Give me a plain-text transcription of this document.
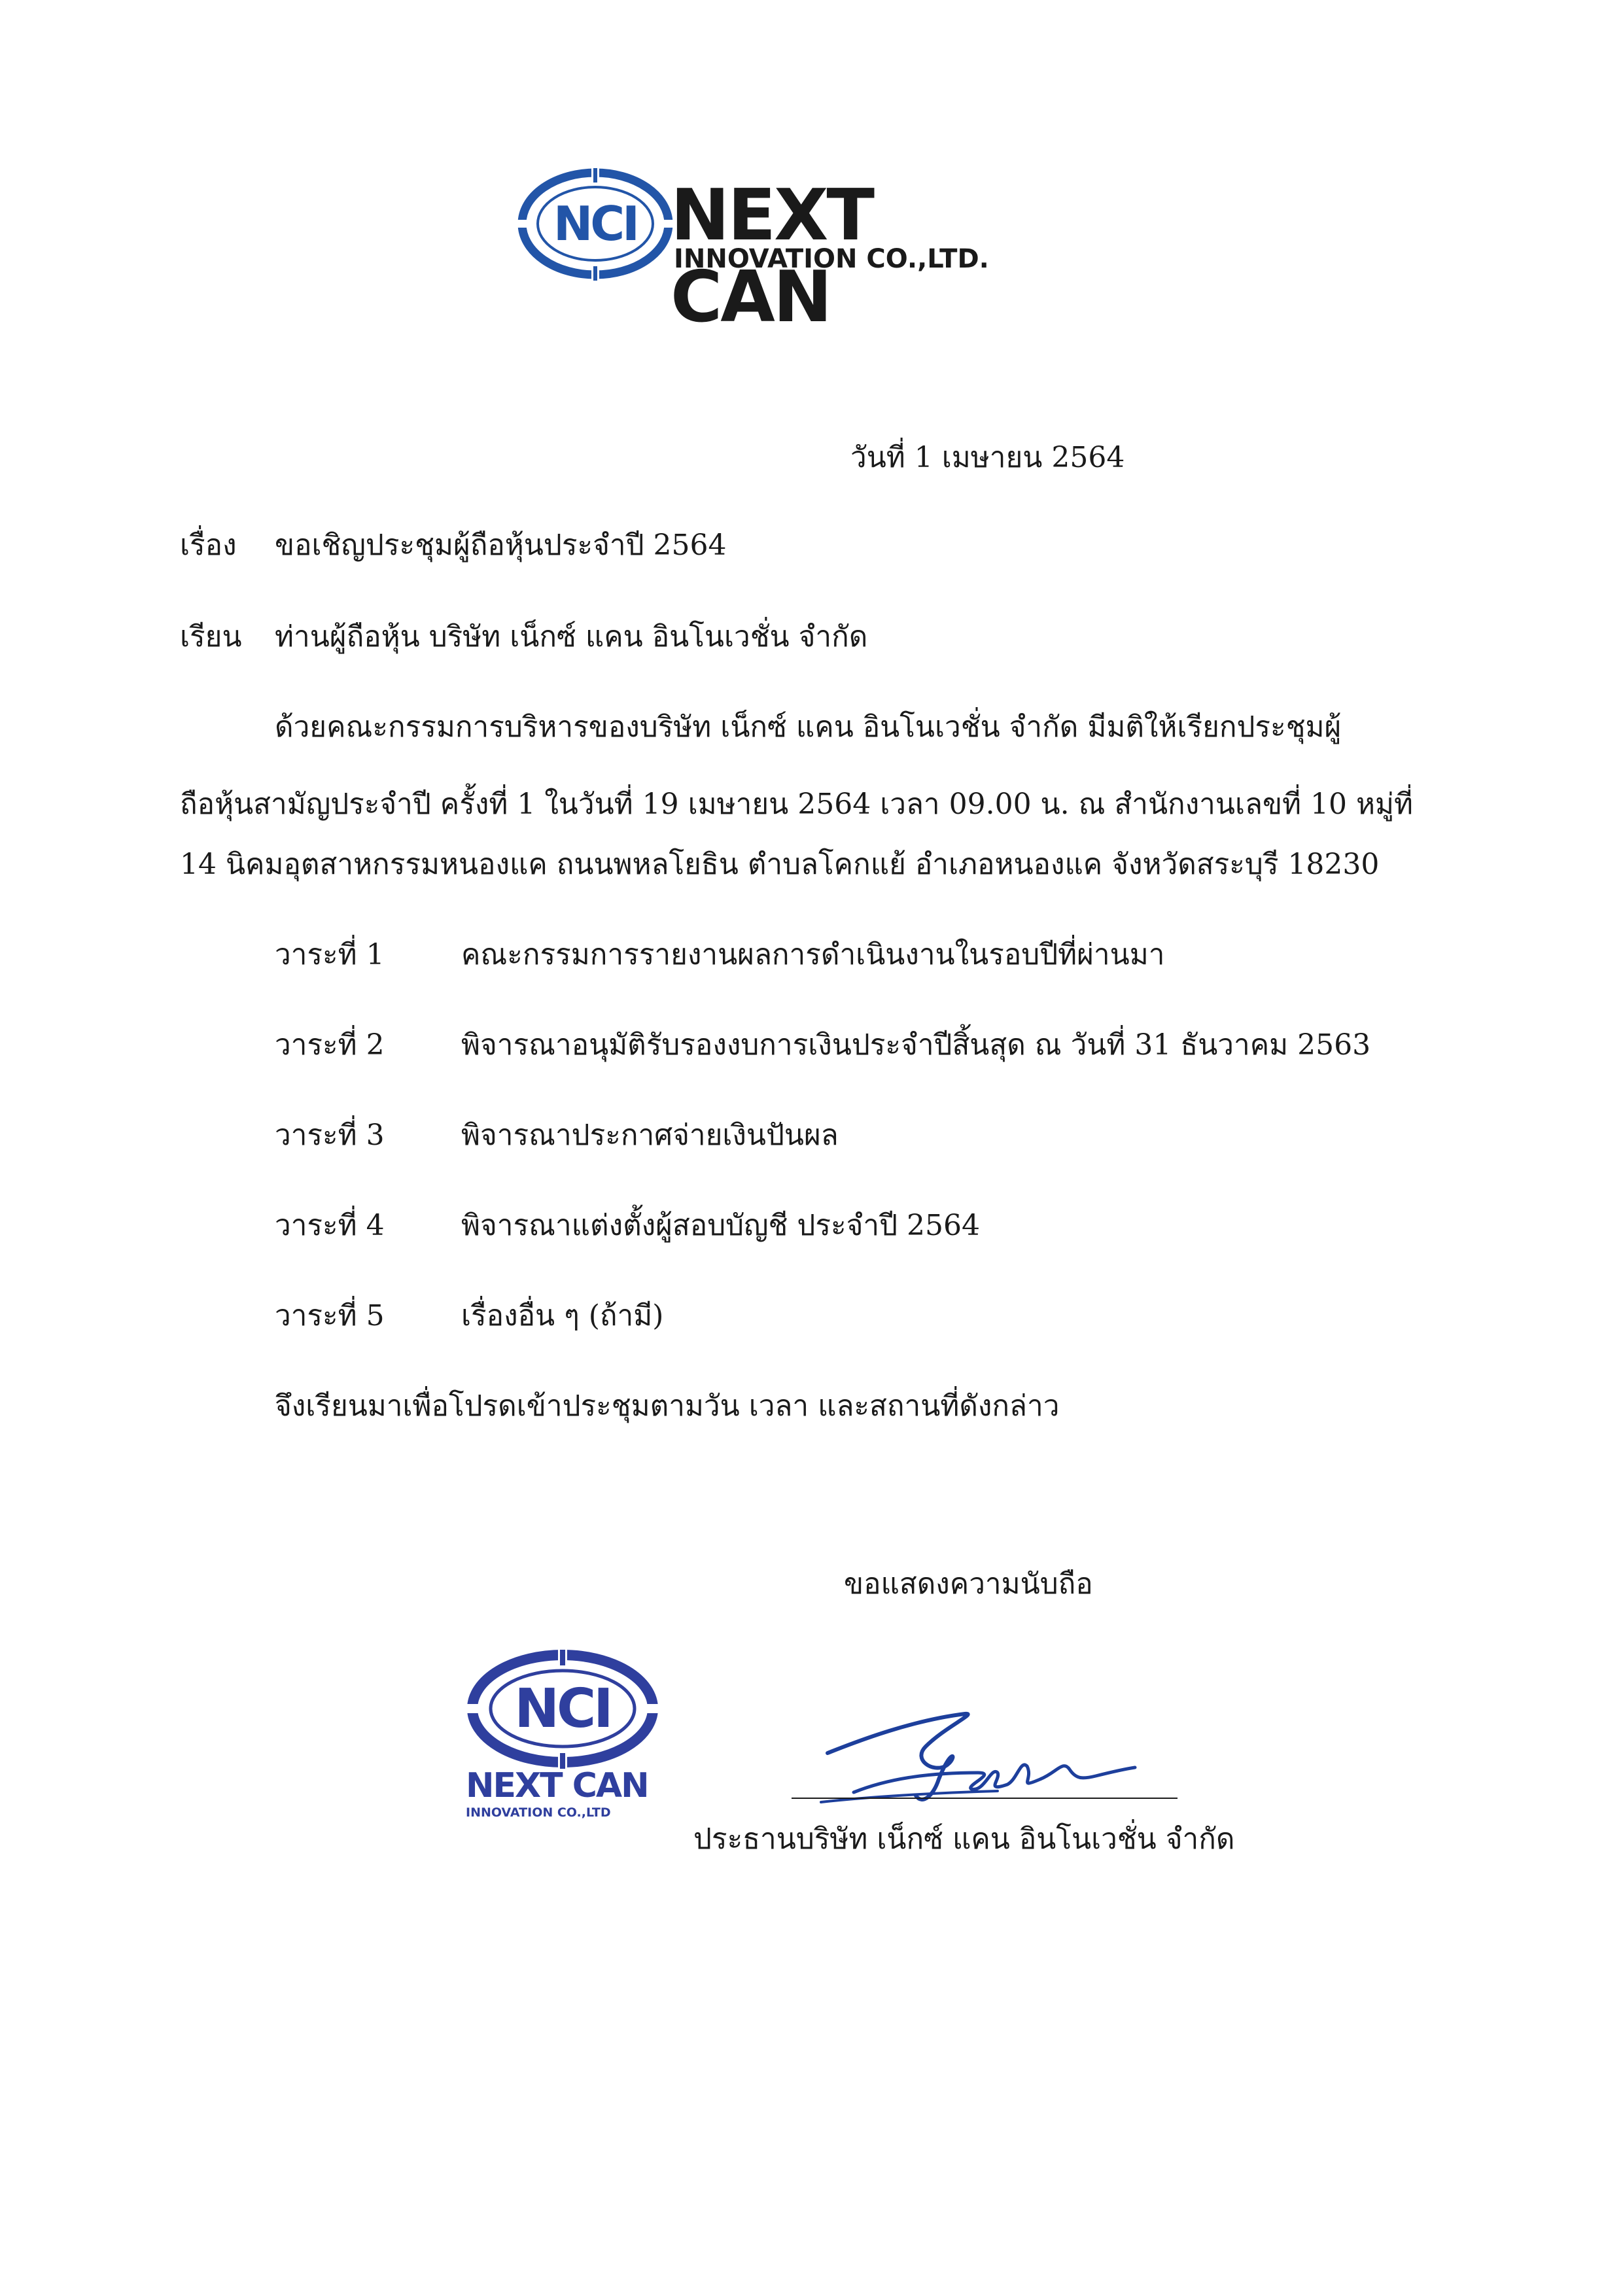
NCI NEXT CAN
INNOVATION CO.,LTD.
วันที่ 1 เมษายน 2564
เรื่อง ขอเชิญประชุมผู้ถือหุ้นประจำปี 2564
เรียน ท่านผู้ถือหุ้น บริษัท เน็กซ์ แคน อินโนเวชั่น จำกัด
ด้วยคณะกรรมการบริหารของบริษัท เน็กซ์ แคน อินโนเวชั่น จำกัด มีมติให้เรียกประชุมผู้
ถือหุ้นสามัญประจำปี ครั้งที่ 1 ในวันที่ 19 เมษายน 2564 เวลา 09.00 น. ณ สำนักงานเลขที่ 10 หมู่ที่
14 นิคมอุตสาหกรรมหนองแค ถนนพหลโยธิน ตำบลโคกแย้ อำเภอหนองแค จังหวัดสระบุรี 18230
วาระที่ 1	คณะกรรมการรายงานผลการดำเนินงานในรอบปีที่ผ่านมา
วาระที่ 2	พิจารณาอนุมัติรับรองงบการเงินประจำปีสิ้นสุด ณ วันที่ 31 ธันวาคม 2563
วาระที่ 3	พิจารณาประกาศจ่ายเงินปันผล
วาระที่ 4	พิจารณาแต่งตั้งผู้สอบบัญชี ประจำปี 2564
วาระที่ 5	เรื่องอื่น ๆ (ถ้ามี)
จึงเรียนมาเพื่อโปรดเข้าประชุมตามวัน เวลา และสถานที่ดังกล่าว
ขอแสดงความนับถือ
NCI
NEXT CAN
INNOVATION CO.,LTD
ประธานบริษัท เน็กซ์ แคน อินโนเวชั่น จำกัด
